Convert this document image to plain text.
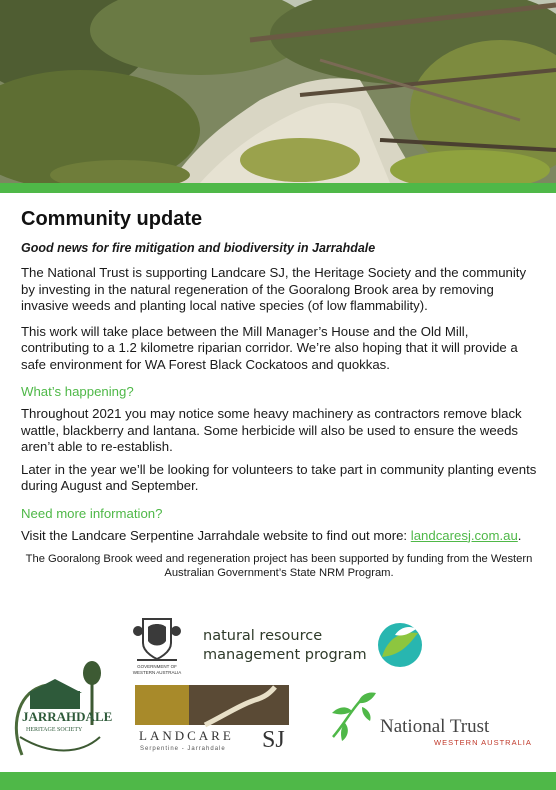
Community update
Good news for fire mitigation and biodiversity in Jarrahdale

The National Trust is supporting Landcare SJ, the Heritage Society and the community by investing in the natural regeneration of the Gooralong Brook area by removing invasive weeds and planting local native species (of low flammability).

This work will take place between the Mill Manager’s House and the Old Mill, contributing to a 1.2 kilometre riparian corridor. We’re also hoping that it will provide a safe environment for WA Forest Black Cockatoos and quokkas.

What’s happening?

Throughout 2021 you may notice some heavy machinery as contractors remove black wattle, blackberry and lantana. Some herbicide will also be used to ensure the weeds aren’t able to re-establish.

Later in the year we’ll be looking for volunteers to take part in community planting events during August and September.

Need more information?

Visit the Landcare Serpentine Jarrahdale website to find out more: landcaresj.com.au.

The Gooralong Brook weed and regeneration project has been supported by funding from the Western Australian Government’s State NRM Program.
GOVERNMENT OF
WESTERN AUSTRALIA
natural resource
management program
JARRAHDALE
HERITAGE SOCIETY	LANDCARE SJ
Serpentine - Jarrahdale
National Trust
WESTERN AUSTRALIA
